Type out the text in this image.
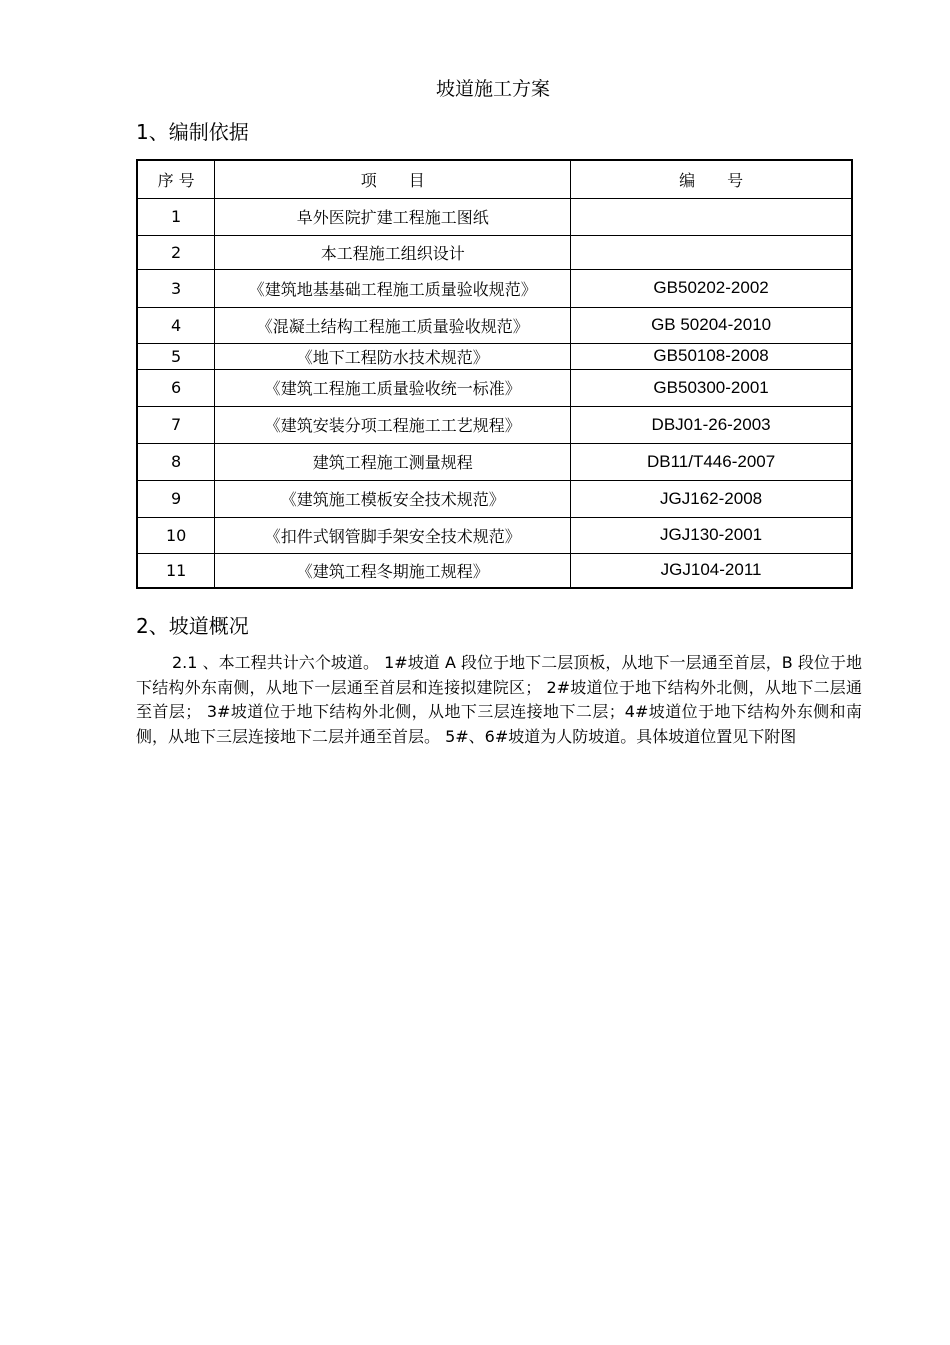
坡道施工方案
1、编制依据
序 号	项　　目	编　　号
1	阜外医院扩建工程施工图纸	
2	本工程施工组织设计	
3	《建筑地基基础工程施工质量验收规范》	GB50202-2002
4	《混凝土结构工程施工质量验收规范》	GB 50204-2010
5	《地下工程防水技术规范》	GB50108-2008
6	《建筑工程施工质量验收统一标准》	GB50300-2001
7	《建筑安装分项工程施工工艺规程》	DBJ01-26-2003
8	建筑工程施工测量规程	DB11/T446-2007
9	《建筑施工模板安全技术规范》	JGJ162-2008
10	《扣件式钢管脚手架安全技术规范》	JGJ130-2001
11	《建筑工程冬期施工规程》	JGJ104-2011
2、坡道概况

2.1 、本工程共计六个坡道。 1#坡道 A 段位于地下二层顶板，从地下一层通至首层，B 段位于地下结构外东南侧，从地下一层通至首层和连接拟建院区； 2#坡道位于地下结构外北侧，从地下二层通至首层； 3#坡道位于地下结构外北侧，从地下三层连接地下二层；4#坡道位于地下结构外东侧和南侧，从地下三层连接地下二层并通至首层。 5#、6#坡道为人防坡道。具体坡道位置见下附图
